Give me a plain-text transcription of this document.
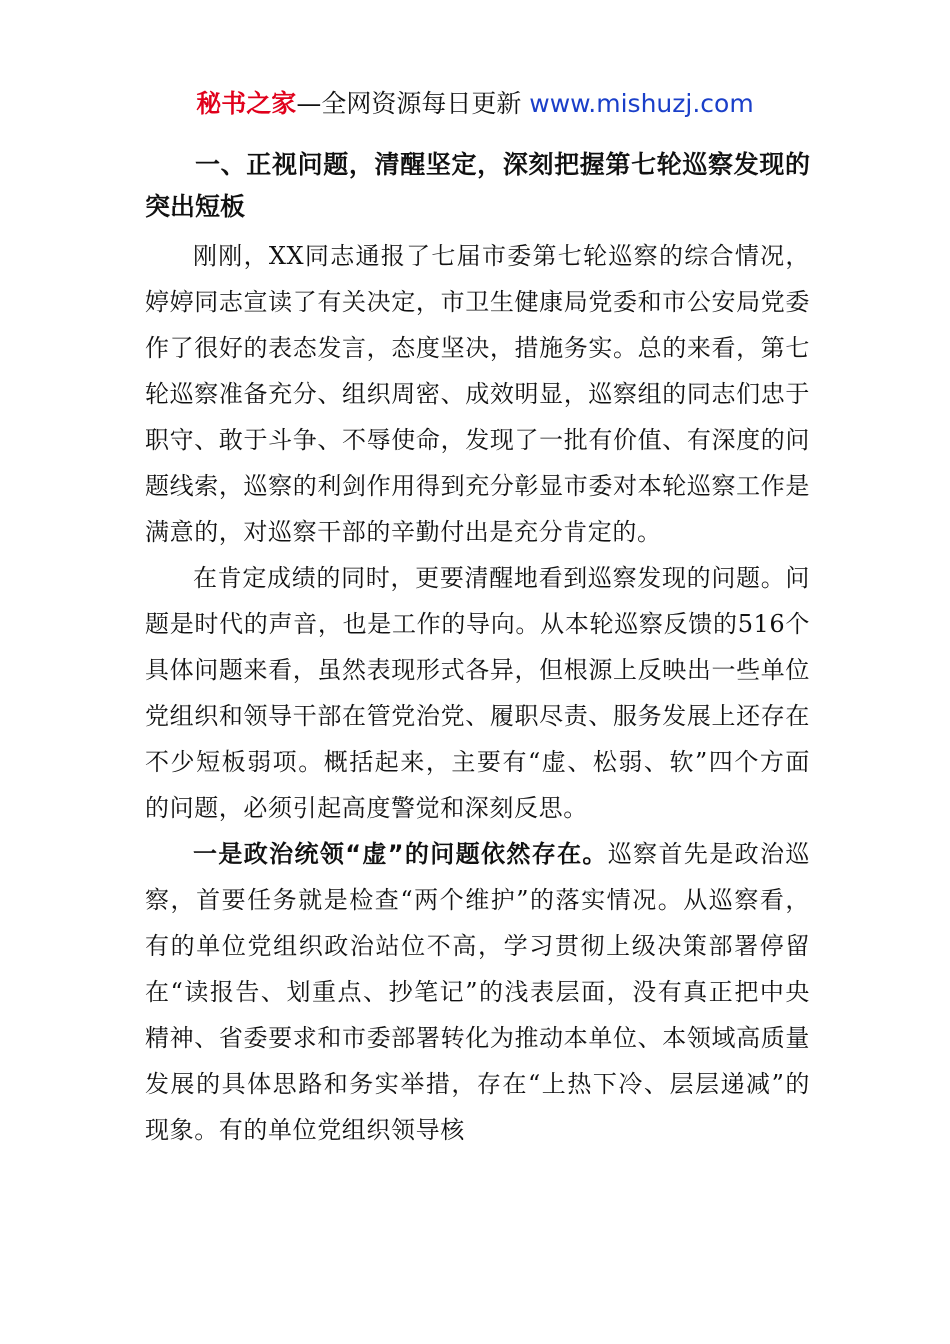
秘书之家—全网资源每日更新 www.mishuzj.com

一、正视问题，清醒坚定，深刻把握第七轮巡察发现的突出短板

刚刚，XX同志通报了七届市委第七轮巡察的综合情况，婷婷同志宣读了有关决定，市卫生健康局党委和市公安局党委作了很好的表态发言，态度坚决，措施务实。总的来看，第七轮巡察准备充分、组织周密、成效明显，巡察组的同志们忠于职守、敢于斗争、不辱使命，发现了一批有价值、有深度的问题线索，巡察的利剑作用得到充分彰显市委对本轮巡察工作是满意的，对巡察干部的辛勤付出是充分肯定的。

在肯定成绩的同时，更要清醒地看到巡察发现的问题。问题是时代的声音，也是工作的导向。从本轮巡察反馈的516个具体问题来看，虽然表现形式各异，但根源上反映出一些单位党组织和领导干部在管党治党、履职尽责、服务发展上还存在不少短板弱项。概括起来，主要有“虚、松弱、软”四个方面的问题，必须引起高度警觉和深刻反思。

一是政治统领“虚”的问题依然存在。巡察首先是政治巡察，首要任务就是检查“两个维护”的落实情况。从巡察看，有的单位党组织政治站位不高，学习贯彻上级决策部署停留在“读报告、划重点、抄笔记”的浅表层面，没有真正把中央精神、省委要求和市委部署转化为推动本单位、本领域高质量发展的具体思路和务实举措，存在“上热下冷、层层递减”的现象。有的单位党组织领导核
